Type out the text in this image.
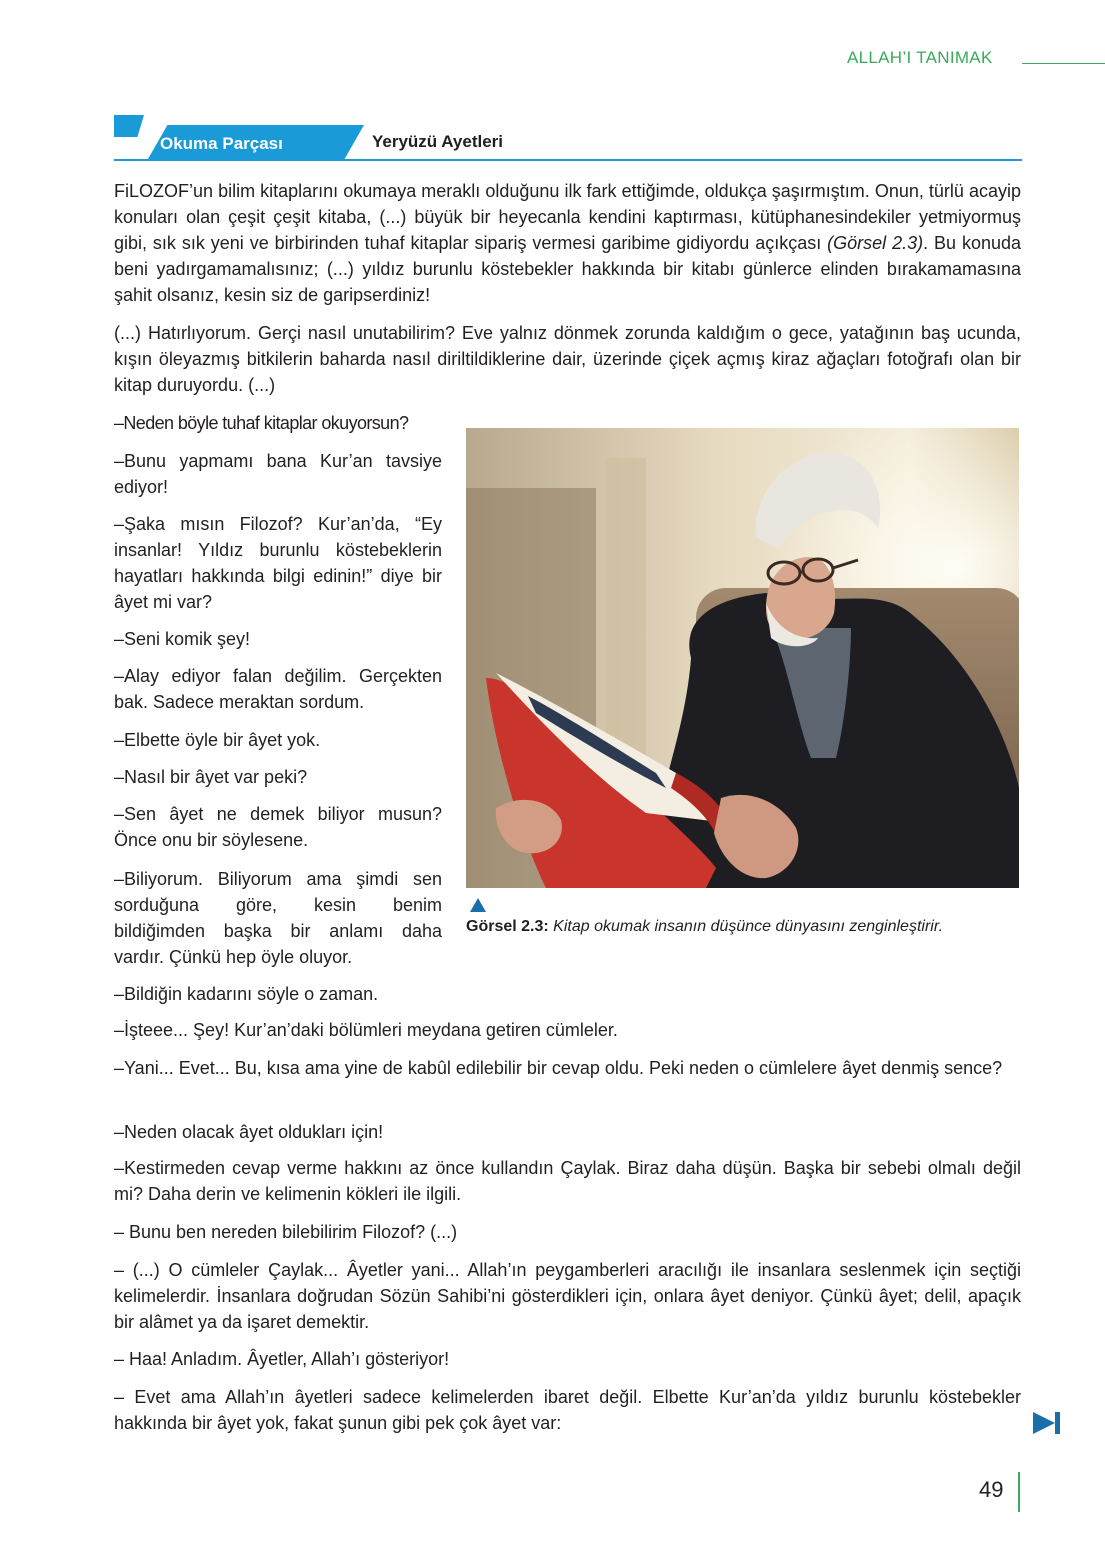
ALLAH’I TANIMAK
Okuma Parçası	Yeryüzü Ayetleri

FiLOZOF’un bilim kitaplarını okumaya meraklı olduğunu ilk fark ettiğimde, oldukça şaşırmıştım. Onun, türlü acayip konuları olan çeşit çeşit kitaba, (...) büyük bir heyecanla kendini kaptırması, kütüphanesindekiler yetmiyormuş gibi, sık sık yeni ve birbirinden tuhaf kitaplar sipariş vermesi garibime gidiyordu açıkçası (Görsel 2.3). Bu konuda beni yadırgamamalısınız; (...) yıldız burunlu köstebekler hakkında bir kitabı günlerce elinden bırakamamasına şahit olsanız, kesin siz de garipserdiniz!

(...) Hatırlıyorum. Gerçi nasıl unutabilirim? Eve yalnız dönmek zorunda kaldığım o gece, yatağının baş ucunda, kışın öleyazmış bitkilerin baharda nasıl diriltildiklerine dair, üzerinde çiçek açmış kiraz ağaçları fotoğrafı olan bir kitap duruyordu. (...)

–Neden böyle tuhaf kitaplar okuyorsun?

–Bunu yapmamı bana Kur’an tavsiye ediyor!

–Şaka mısın Filozof? Kur’an’da, “Ey insanlar! Yıldız burunlu köstebeklerin hayatları hakkında bilgi edinin!” diye bir âyet mi var?

–Seni komik şey!

–Alay ediyor falan değilim. Gerçekten bak. Sadece meraktan sordum.

–Elbette öyle bir âyet yok.

–Nasıl bir âyet var peki?

–Sen âyet ne demek biliyor musun? Önce onu bir söylesene.

–Biliyorum. Biliyorum ama şimdi sen sorduğuna göre, kesin benim bildiğimden başka bir anlamı daha vardır. Çünkü hep öyle oluyor.

–Bildiğin kadarını söyle o zaman.

–İşteee... Şey! Kur’an’daki bölümleri meydana getiren cümleler.

–Yani... Evet... Bu, kısa ama yine de kabûl edilebilir bir cevap oldu. Peki neden o cümlelere âyet denmiş sence?

–Neden olacak âyet oldukları için!

–Kestirmeden cevap verme hakkını az önce kullandın Çaylak. Biraz daha düşün. Başka bir sebebi olmalı değil mi? Daha derin ve kelimenin kökleri ile ilgili.

– Bunu ben nereden bilebilirim Filozof? (...)

– (...) O cümleler Çaylak... Âyetler yani... Allah’ın peygamberleri aracılığı ile insanlara seslenmek için seçtiği kelimelerdir. İnsanlara doğrudan Sözün Sahibi’ni gösterdikleri için, onlara âyet deniyor. Çünkü âyet; delil, apaçık bir alâmet ya da işaret demektir.

– Haa! Anladım. Âyetler, Allah’ı gösteriyor!

– Evet ama Allah’ın âyetleri sadece kelimelerden ibaret değil. Elbette Kur’an’da yıldız burunlu köstebekler hakkında bir âyet yok, fakat şunun gibi pek çok âyet var:

Görsel 2.3: Kitap okumak insanın düşünce dünyasını zenginleştirir.
49
